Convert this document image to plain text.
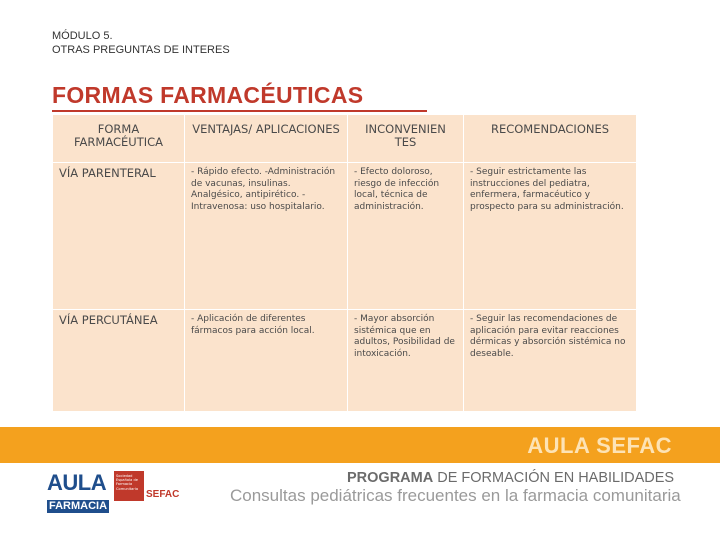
MÓDULO 5.
OTRAS PREGUNTAS DE INTERES
FORMAS FARMACÉUTICAS
FORMA FARMACÉUTICA	VENTAJAS/ APLICACIONES	INCONVENIEN TES	RECOMENDACIONES
VÍA PARENTERAL	- Rápido efecto. -Administración de vacunas, insulinas. Analgésico, antipirético. - Intravenosa: uso hospitalario.	- Efecto doloroso, riesgo de infección local, técnica de administración.	- Seguir estrictamente las instrucciones del pediatra, enfermera, farmacéutico y prospecto para su administración.
VÍA PERCUTÁNEA	- Aplicación de diferentes fármacos para acción local.	- Mayor absorción sistémica que en adultos, Posibilidad de intoxicación.	- Seguir las recomendaciones de aplicación para evitar reacciones dérmicas y absorción sistémica no deseable.
AULA SEFAC
AULA
FARMACIA
Sociedad Española de Farmacia Comunitaria
SEFAC
PROGRAMA DE FORMACIÓN EN HABILIDADES
Consultas pediátricas frecuentes en la farmacia comunitaria
